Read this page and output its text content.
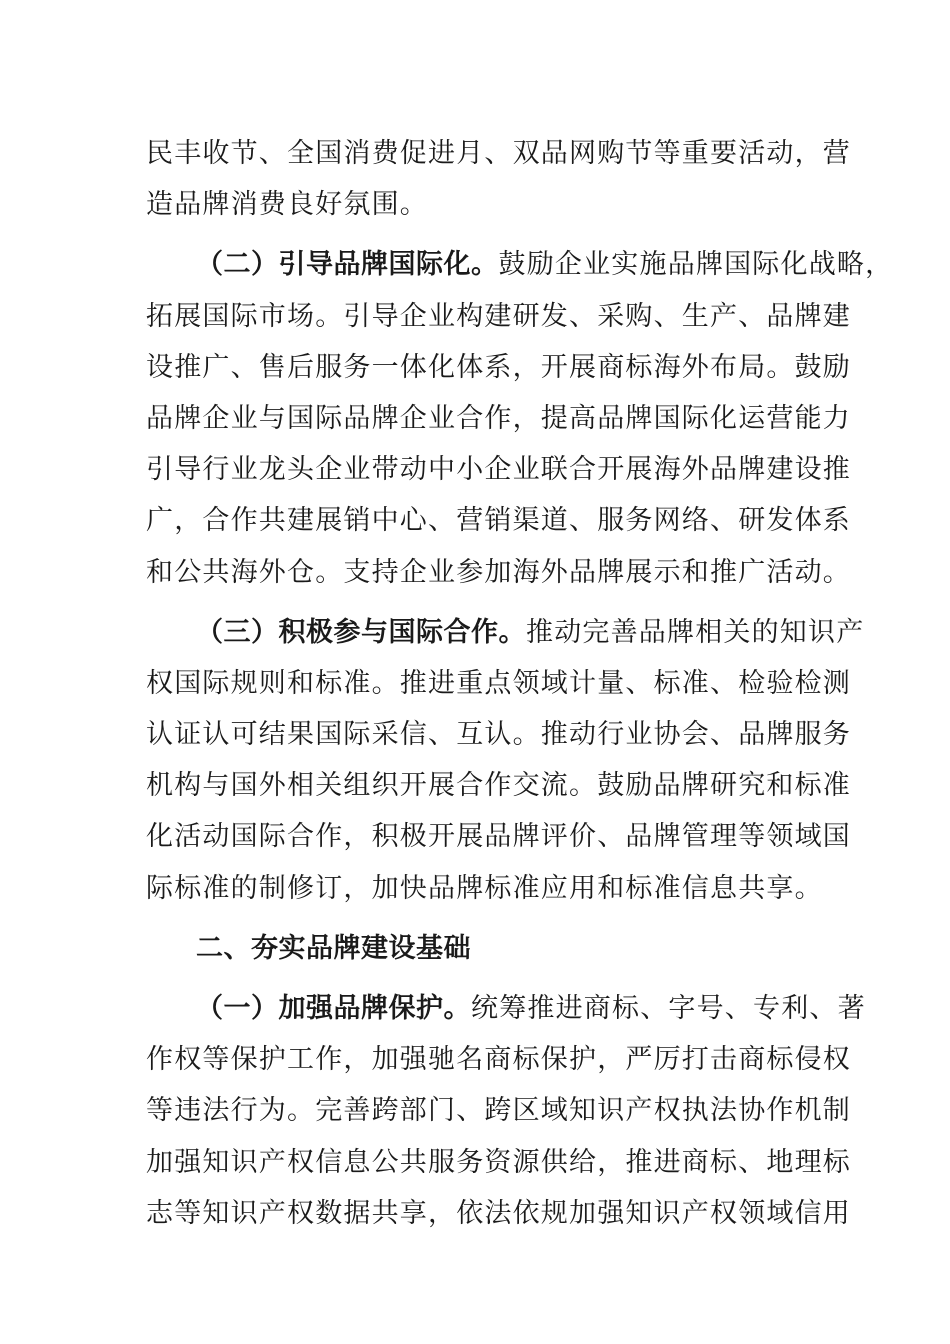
民丰收节、全国消费促进月、双品网购节等重要活动，营
造品牌消费良好氛围。
（二）引导品牌国际化。鼓励企业实施品牌国际化战略，
拓展国际市场。引导企业构建研发、采购、生产、品牌建
设推广、售后服务一体化体系，开展商标海外布局。鼓励
品牌企业与国际品牌企业合作，提高品牌国际化运营能力
引导行业龙头企业带动中小企业联合开展海外品牌建设推
广，合作共建展销中心、营销渠道、服务网络、研发体系
和公共海外仓。支持企业参加海外品牌展示和推广活动。
（三）积极参与国际合作。推动完善品牌相关的知识产
权国际规则和标准。推进重点领域计量、标准、检验检测
认证认可结果国际采信、互认。推动行业协会、品牌服务
机构与国外相关组织开展合作交流。鼓励品牌研究和标准
化活动国际合作，积极开展品牌评价、品牌管理等领域国
际标准的制修订，加快品牌标准应用和标准信息共享。
二、夯实品牌建设基础
（一）加强品牌保护。统筹推进商标、字号、专利、著
作权等保护工作，加强驰名商标保护，严厉打击商标侵权
等违法行为。完善跨部门、跨区域知识产权执法协作机制
加强知识产权信息公共服务资源供给，推进商标、地理标
志等知识产权数据共享，依法依规加强知识产权领域信用
